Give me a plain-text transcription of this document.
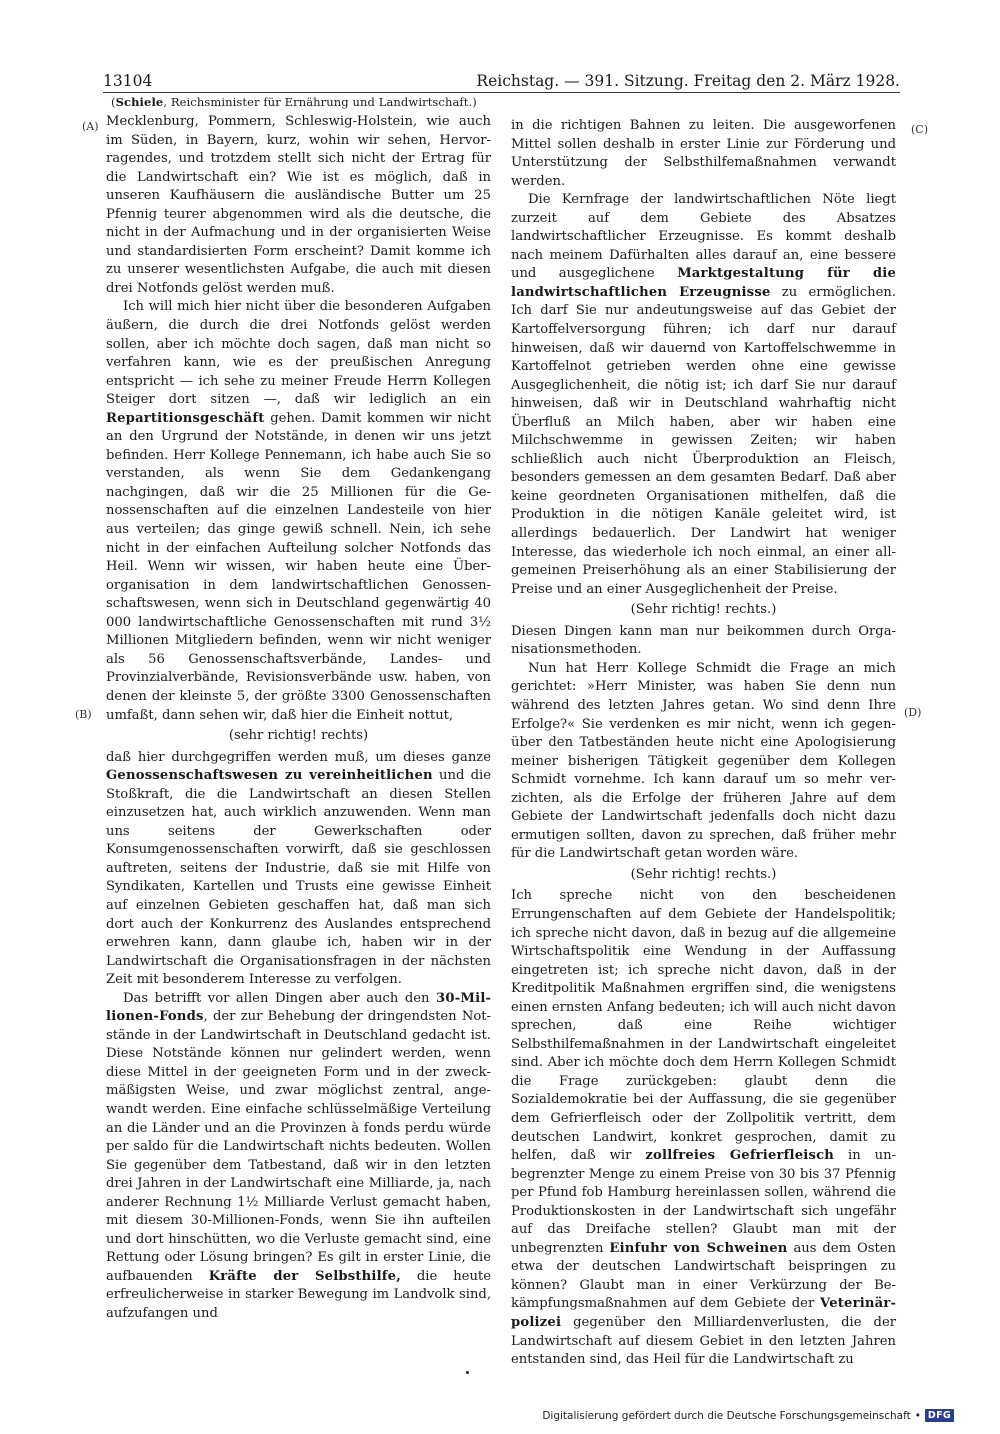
13104	Reichstag. — 391. Sitzung. Freitag den 2. März 1928.
(Schiele, Reichsminister für Ernährung und Landwirtschaft.)
(A)
(B)
(C)
(D)

Mecklenburg, Pommern, Schleswig-Holstein, wie auch im Süden, in Bayern, kurz, wohin wir sehen, Hervorragendes, und trotzdem stellt sich nicht der Ertrag für die Landwirtschaft ein? Wie ist es möglich, daß in unseren Kaufhäusern die ausländische Butter um 25 Pfennig teurer abgenommen wird als die deutsche, die nicht in der Aufmachung und in der organisierten Weise und standardisierten Form erscheint? Damit komme ich zu unserer wesentlichsten Aufgabe, die auch mit diesen drei Notfonds gelöst werden muß.

Ich will mich hier nicht über die besonderen Aufgaben äußern, die durch die drei Notfonds gelöst werden sollen, aber ich möchte doch sagen, daß man nicht so verfahren kann, wie es der preußischen Anregung entspricht — ich sehe zu meiner Freude Herrn Kollegen Steiger dort sitzen —, daß wir lediglich an ein Repartitionsgeschäft gehen. Damit kommen wir nicht an den Urgrund der Notstände, in denen wir uns jetzt befinden. Herr Kollege Pennemann, ich habe auch Sie so verstanden, als wenn Sie dem Gedankengang nachgingen, daß wir die 25 Millionen für die Genossenschaften auf die einzelnen Landesteile von hier aus verteilen; das ginge gewiß schnell. Nein, ich sehe nicht in der einfachen Aufteilung solcher Notfonds das Heil. Wenn wir wissen, wir haben heute eine Überorganisation in dem landwirtschaftlichen Genossenschaftswesen, wenn sich in Deutschland gegenwärtig 40 000 landwirtschaftliche Genossenschaften mit rund 3½ Millionen Mitgliedern befinden, wenn wir nicht weniger als 56 Genossenschaftsverbände, Landes- und Provinzialverbände, Revisionsverbände usw. haben, von denen der kleinste 5, der größte 3300 Genossenschaften umfaßt, dann sehen wir, daß hier die Einheit nottut,

(sehr richtig! rechts)

daß hier durchgegriffen werden muß, um dieses ganze Genossenschaftswesen zu vereinheitlichen und die Stoßkraft, die die Landwirtschaft an diesen Stellen einzusetzen hat, auch wirklich anzuwenden. Wenn man uns seitens der Gewerkschaften oder Konsumgenossenschaften vorwirft, daß sie geschlossen auftreten, seitens der Industrie, daß sie mit Hilfe von Syndikaten, Kartellen und Trusts eine gewisse Einheit auf einzelnen Gebieten geschaffen hat, daß man sich dort auch der Konkurrenz des Auslandes entsprechend erwehren kann, dann glaube ich, haben wir in der Landwirtschaft die Organisationsfragen in der nächsten Zeit mit besonderem Interesse zu verfolgen.

Das betrifft vor allen Dingen aber auch den 30-Millionen-Fonds, der zur Behebung der dringendsten Notstände in der Landwirtschaft in Deutschland gedacht ist. Diese Notstände können nur gelindert werden, wenn diese Mittel in der geeigneten Form und in der zweckmäßigsten Weise, und zwar möglichst zentral, angewandt werden. Eine einfache schlüsselmäßige Verteilung an die Länder und an die Provinzen à fonds perdu würde per saldo für die Landwirtschaft nichts bedeuten. Wollen Sie gegenüber dem Tatbestand, daß wir in den letzten drei Jahren in der Landwirtschaft eine Milliarde, ja, nach anderer Rechnung 1½ Milliarde Verlust gemacht haben, mit diesem 30-Millionen-Fonds, wenn Sie ihn aufteilen und dort hinschütten, wo die Verluste gemacht sind, eine Rettung oder Lösung bringen? Es gilt in erster Linie, die aufbauenden Kräfte der Selbsthilfe, die heute erfreulicherweise in starker Bewegung im Landvolk sind, aufzufangen und

in die richtigen Bahnen zu leiten. Die ausgeworfenen Mittel sollen deshalb in erster Linie zur Förderung und Unterstützung der Selbsthilfemaßnahmen verwandt werden.

Die Kernfrage der landwirtschaftlichen Nöte liegt zurzeit auf dem Gebiete des Absatzes landwirtschaftlicher Erzeugnisse. Es kommt deshalb nach meinem Dafürhalten alles darauf an, eine bessere und ausgeglichene Marktgestaltung für die landwirtschaftlichen Erzeugnisse zu ermöglichen. Ich darf Sie nur andeutungsweise auf das Gebiet der Kartoffelversorgung führen; ich darf nur darauf hinweisen, daß wir dauernd von Kartoffelschwemme in Kartoffelnot getrieben werden ohne eine gewisse Ausgeglichenheit, die nötig ist; ich darf Sie nur darauf hinweisen, daß wir in Deutschland wahrhaftig nicht Überfluß an Milch haben, aber wir haben eine Milchschwemme in gewissen Zeiten; wir haben schließlich auch nicht Überproduktion an Fleisch, besonders gemessen an dem gesamten Bedarf. Daß aber keine geordneten Organisationen mithelfen, daß die Produktion in die nötigen Kanäle geleitet wird, ist allerdings bedauerlich. Der Landwirt hat weniger Interesse, das wiederhole ich noch einmal, an einer allgemeinen Preiserhöhung als an einer Stabilisierung der Preise und an einer Ausgeglichenheit der Preise.

(Sehr richtig! rechts.)

Diesen Dingen kann man nur beikommen durch Organisationsmethoden.

Nun hat Herr Kollege Schmidt die Frage an mich gerichtet: »Herr Minister, was haben Sie denn nun während des letzten Jahres getan. Wo sind denn Ihre Erfolge?« Sie verdenken es mir nicht, wenn ich gegenüber den Tatbeständen heute nicht eine Apologisierung meiner bisherigen Tätigkeit gegenüber dem Kollegen Schmidt vornehme. Ich kann darauf um so mehr verzichten, als die Erfolge der früheren Jahre auf dem Gebiete der Landwirtschaft jedenfalls doch nicht dazu ermutigen sollten, davon zu sprechen, daß früher mehr für die Landwirtschaft getan worden wäre.

(Sehr richtig! rechts.)

Ich spreche nicht von den bescheidenen Errungenschaften auf dem Gebiete der Handelspolitik; ich spreche nicht davon, daß in bezug auf die allgemeine Wirtschaftspolitik eine Wendung in der Auffassung eingetreten ist; ich spreche nicht davon, daß in der Kreditpolitik Maßnahmen ergriffen sind, die wenigstens einen ernsten Anfang bedeuten; ich will auch nicht davon sprechen, daß eine Reihe wichtiger Selbsthilfemaßnahmen in der Landwirtschaft eingeleitet sind. Aber ich möchte doch dem Herrn Kollegen Schmidt die Frage zurückgeben: glaubt denn die Sozialdemokratie bei der Auffassung, die sie gegenüber dem Gefrierfleisch oder der Zollpolitik vertritt, dem deutschen Landwirt, konkret gesprochen, damit zu helfen, daß wir zollfreies Gefrierfleisch in unbegrenzter Menge zu einem Preise von 30 bis 37 Pfennig per Pfund fob Hamburg hereinlassen sollen, während die Produktionskosten in der Landwirtschaft sich ungefähr auf das Dreifache stellen? Glaubt man mit der unbegrenzten Einfuhr von Schweinen aus dem Osten etwa der deutschen Landwirtschaft beispringen zu können? Glaubt man in einer Verkürzung der Bekämpfungsmaßnahmen auf dem Gebiete der Veterinärpolizei gegenüber den Milliardenverlusten, die der Landwirtschaft auf diesem Gebiet in den letzten Jahren entstanden sind, das Heil für die Landwirtschaft zu

Digitalisierung gefördert durch die Deutsche Forschungsgemeinschaft • DFG
